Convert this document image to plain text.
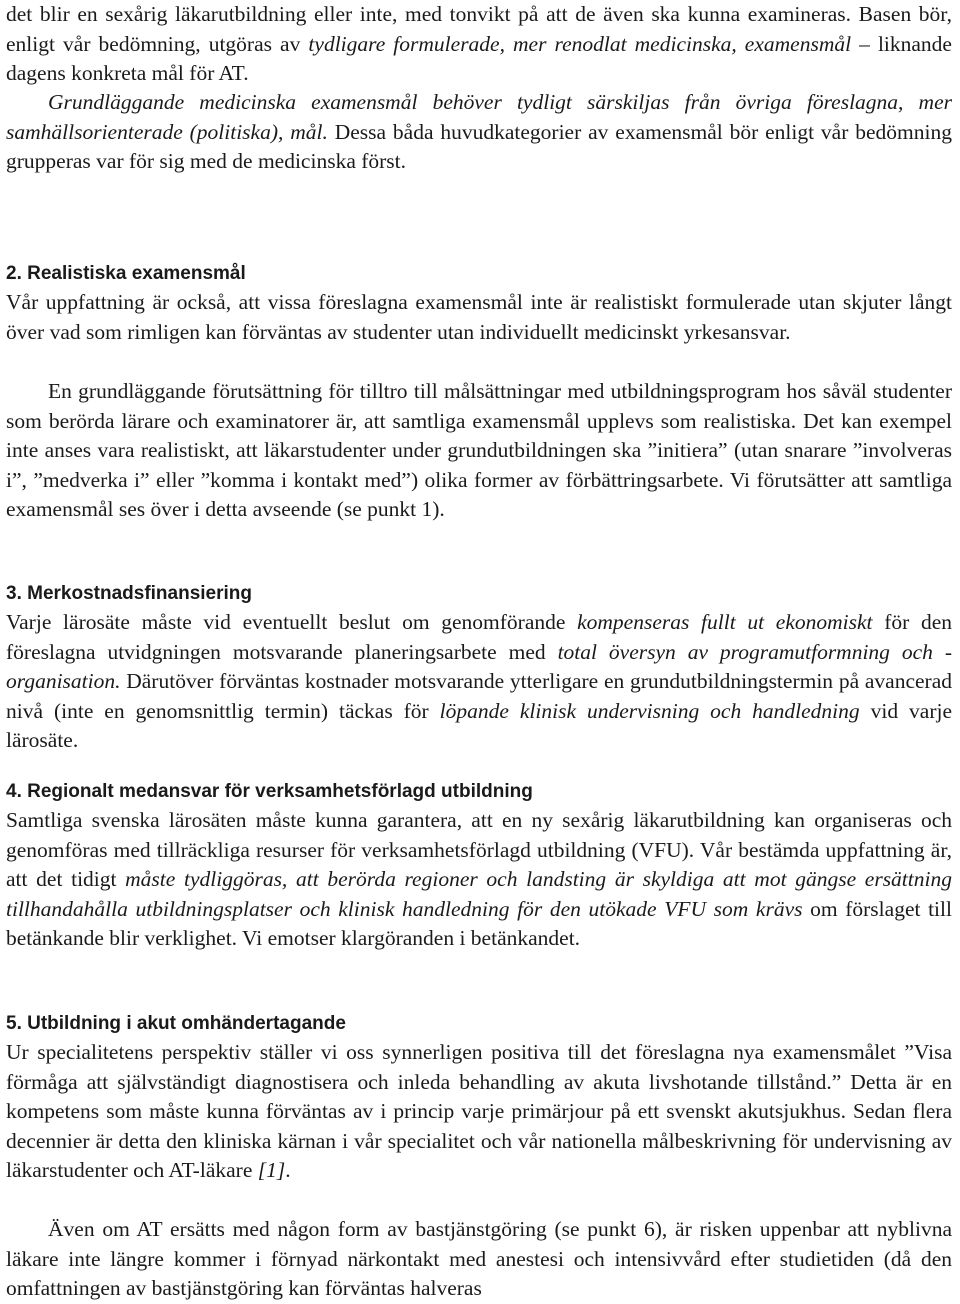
det blir en sexårig läkarutbildning eller inte, med tonvikt på att de även ska kunna examineras. Basen bör, enligt vår bedömning, utgöras av tydligare formulerade, mer renodlat medicinska, examensmål – liknande dagens konkreta mål för AT.

Grundläggande medicinska examensmål behöver tydligt särskiljas från övriga föreslagna, mer samhällsorienterade (politiska), mål. Dessa båda huvudkategorier av examensmål bör enligt vår bedömning grupperas var för sig med de medicinska först.

2. Realistiska examensmål

Vår uppfattning är också, att vissa föreslagna examensmål inte är realistiskt formulerade utan skjuter långt över vad som rimligen kan förväntas av studenter utan individuellt medicinskt yrkesansvar.

En grundläggande förutsättning för tilltro till målsättningar med utbildningsprogram hos såväl studenter som berörda lärare och examinatorer är, att samtliga examensmål upplevs som realistiska. Det kan exempel inte anses vara realistiskt, att läkarstudenter under grundutbildningen ska ”initiera” (utan snarare ”involveras i”, ”medverka i” eller ”komma i kontakt med”) olika former av förbättringsarbete. Vi förutsätter att samtliga examensmål ses över i detta avseende (se punkt 1).

3. Merkostnadsfinansiering

Varje lärosäte måste vid eventuellt beslut om genomförande kompenseras fullt ut ekonomiskt för den föreslagna utvidgningen motsvarande planeringsarbete med total översyn av programutformning och -organisation. Därutöver förväntas kostnader motsvarande ytterligare en grundutbildningstermin på avancerad nivå (inte en genomsnittlig termin) täckas för löpande klinisk undervisning och handledning vid varje lärosäte.

4. Regionalt medansvar för verksamhetsförlagd utbildning

Samtliga svenska lärosäten måste kunna garantera, att en ny sexårig läkarutbildning kan organiseras och genomföras med tillräckliga resurser för verksamhetsförlagd utbildning (VFU). Vår bestämda uppfattning är, att det tidigt måste tydliggöras, att berörda regioner och landsting är skyldiga att mot gängse ersättning tillhandahålla utbildningsplatser och klinisk handledning för den utökade VFU som krävs om förslaget till betänkande blir verklighet. Vi emotser klargöranden i betänkandet.

5. Utbildning i akut omhändertagande

Ur specialitetens perspektiv ställer vi oss synnerligen positiva till det föreslagna nya examensmålet ”Visa förmåga att självständigt diagnostisera och inleda behandling av akuta livshotande tillstånd.” Detta är en kompetens som måste kunna förväntas av i princip varje primärjour på ett svenskt akutsjukhus. Sedan flera decennier är detta den kliniska kärnan i vår specialitet och vår nationella målbeskrivning för undervisning av läkarstudenter och AT-läkare [1].

Även om AT ersätts med någon form av bastjänstgöring (se punkt 6), är risken uppenbar att nyblivna läkare inte längre kommer i förnyad närkontakt med anestesi och intensivvård efter studietiden (då den omfattningen av bastjänstgöring kan förväntas halveras
